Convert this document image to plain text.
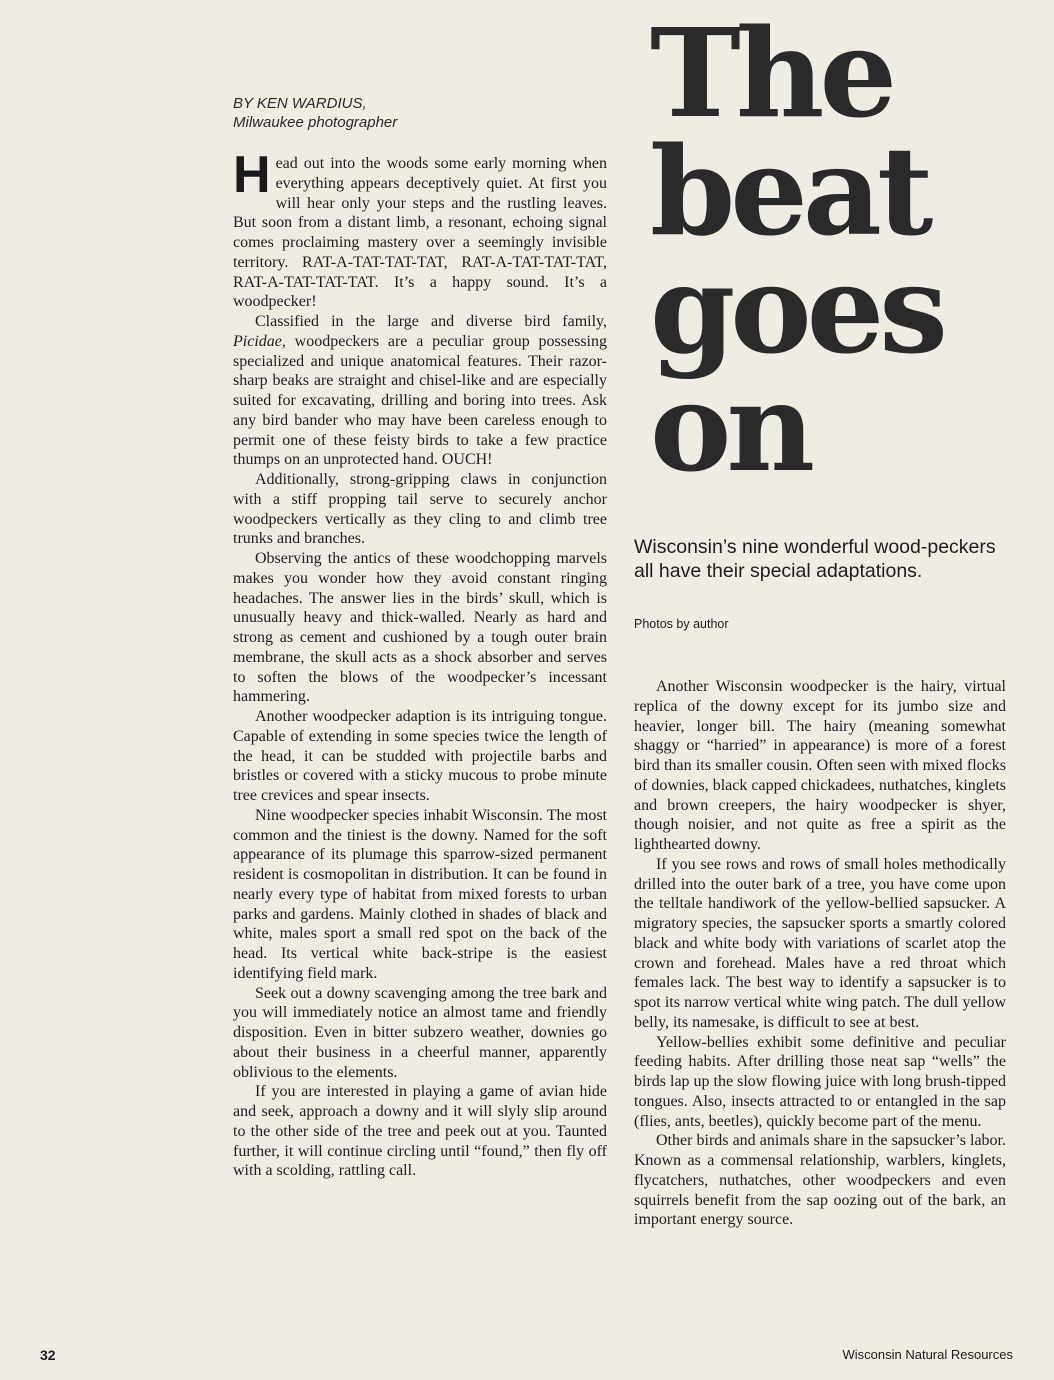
The
beat
goes
on
BY KEN WARDIUS,
Milwaukee photographer

Head out into the woods some early morning when everything appears deceptively quiet. At first you will hear only your steps and the rustling leaves. But soon from a distant limb, a resonant, echoing signal comes proclaiming mastery over a seemingly invisible territory. RAT-A-TAT-TAT-TAT, RAT-A-TAT-TAT-TAT, RAT-A-TAT-TAT-TAT. It’s a happy sound. It’s a woodpecker!

Classified in the large and diverse bird family, Picidae, woodpeckers are a peculiar group possessing specialized and unique anatomical features. Their razor-sharp beaks are straight and chisel-like and are especially suited for excavating, drilling and boring into trees. Ask any bird bander who may have been careless enough to permit one of these feisty birds to take a few practice thumps on an unprotected hand. OUCH!

Additionally, strong-gripping claws in conjunction with a stiff propping tail serve to securely anchor woodpeckers vertically as they cling to and climb tree trunks and branches.

Observing the antics of these woodchopping marvels makes you wonder how they avoid constant ringing headaches. The answer lies in the birds’ skull, which is unusually heavy and thick-walled. Nearly as hard and strong as cement and cushioned by a tough outer brain membrane, the skull acts as a shock absorber and serves to soften the blows of the woodpecker’s incessant hammering.

Another woodpecker adaption is its intriguing tongue. Capable of extending in some species twice the length of the head, it can be studded with projectile barbs and bristles or covered with a sticky mucous to probe minute tree crevices and spear insects.

Nine woodpecker species inhabit Wisconsin. The most common and the tiniest is the downy. Named for the soft appearance of its plumage this sparrow-sized permanent resident is cosmopolitan in distribution. It can be found in nearly every type of habitat from mixed forests to urban parks and gardens. Mainly clothed in shades of black and white, males sport a small red spot on the back of the head. Its vertical white back-stripe is the easiest identifying field mark.

Seek out a downy scavenging among the tree bark and you will immediately notice an almost tame and friendly disposition. Even in bitter subzero weather, downies go about their business in a cheerful manner, apparently oblivious to the elements.

If you are interested in playing a game of avian hide and seek, approach a downy and it will slyly slip around to the other side of the tree and peek out at you. Taunted further, it will continue circling until “found,” then fly off with a scolding, rattling call.

Wisconsin’s nine wonderful wood-peckers all have their special adaptations.
Photos by author

Another Wisconsin woodpecker is the hairy, virtual replica of the downy except for its jumbo size and heavier, longer bill. The hairy (meaning somewhat shaggy or “harried” in appearance) is more of a forest bird than its smaller cousin. Often seen with mixed flocks of downies, black capped chickadees, nuthatches, kinglets and brown creepers, the hairy woodpecker is shyer, though noisier, and not quite as free a spirit as the lighthearted downy.

If you see rows and rows of small holes methodically drilled into the outer bark of a tree, you have come upon the telltale handiwork of the yellow-bellied sapsucker. A migratory species, the sapsucker sports a smartly colored black and white body with variations of scarlet atop the crown and forehead. Males have a red throat which females lack. The best way to identify a sapsucker is to spot its narrow vertical white wing patch. The dull yellow belly, its namesake, is difficult to see at best.

Yellow-bellies exhibit some definitive and peculiar feeding habits. After drilling those neat sap “wells” the birds lap up the slow flowing juice with long brush-tipped tongues. Also, insects attracted to or entangled in the sap (flies, ants, beetles), quickly become part of the menu.

Other birds and animals share in the sapsucker’s labor. Known as a commensal relationship, warblers, kinglets, flycatchers, nuthatches, other woodpeckers and even squirrels benefit from the sap oozing out of the bark, an important energy source.

32	Wisconsin Natural Resources
